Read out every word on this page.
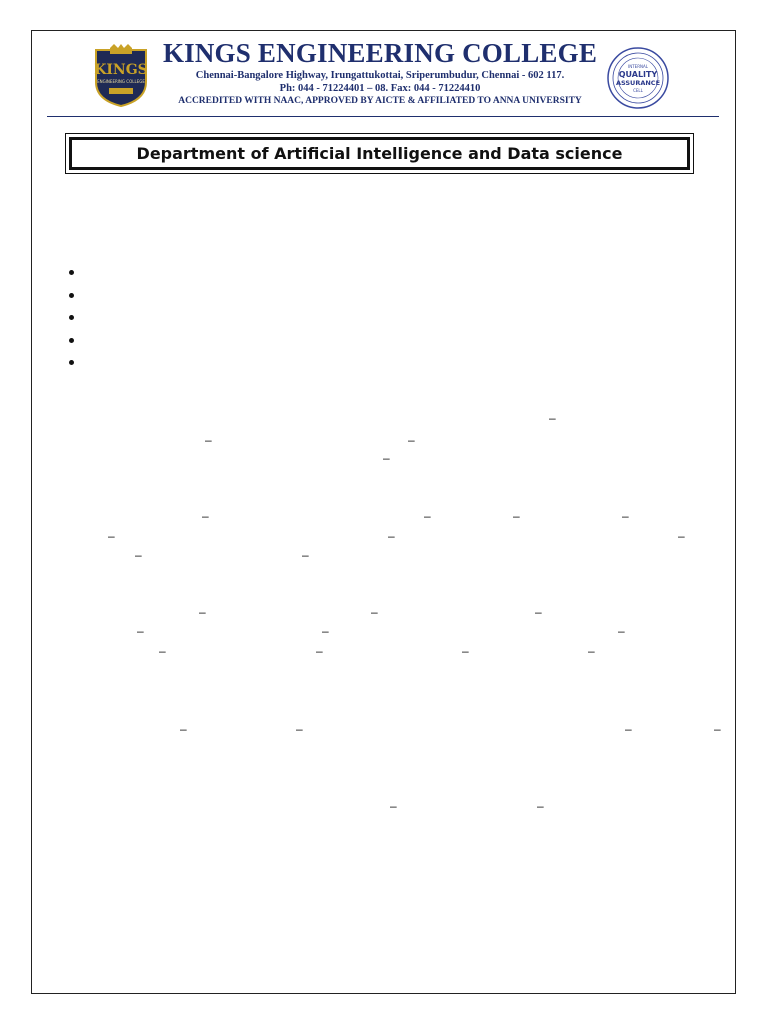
KINGS
ENGINEERING COLLEGE
KINGS ENGINEERING COLLEGE
Chennai-Bangalore Highway, Irungattukottai, Sriperumbudur, Chennai - 602 117.
Ph: 044 - 71224401 – 08. Fax: 044 - 71224410
ACCREDITED WITH NAAC, APPROVED BY AICTE & AFFILIATED TO ANNA UNIVERSITY
INTERNAL
QUALITY
ASSURANCE
CELL
Department of Artificial Intelligence and Data science
–
–	–
–
–	–	–	–
–	–	–
–	–
–	–	–
–	–	–
–	–	–	–
–	–	–	–
–	–
